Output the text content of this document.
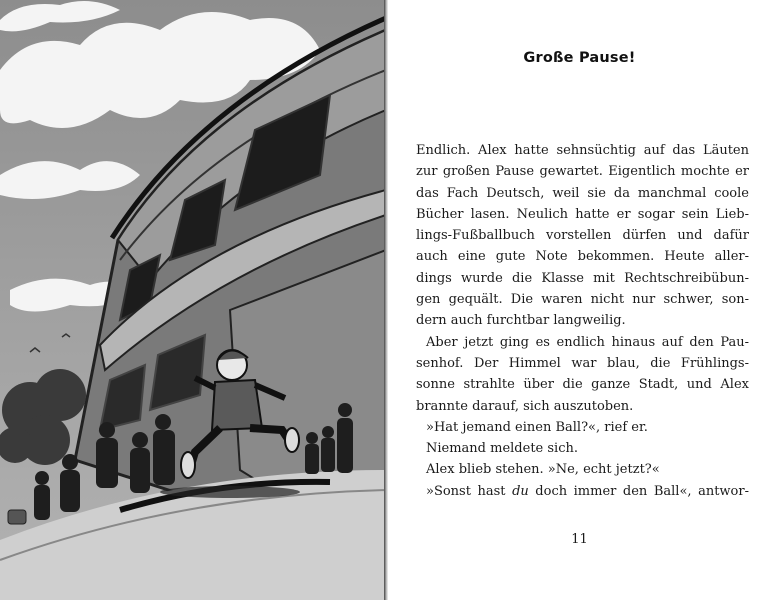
Große Pause!
Endlich. Alex hatte sehnsüchtig auf das Läuten
zur großen Pause gewartet. Eigentlich mochte er
das Fach Deutsch, weil sie da manchmal coole
Bücher lasen. Neulich hatte er sogar sein Lieb-
lings-Fußballbuch vorstellen dürfen und dafür
auch eine gute Note bekommen. Heute aller-
dings wurde die Klasse mit Rechtschreibübun-
gen gequält. Die waren nicht nur schwer, son-
dern auch furchtbar langweilig.
Aber jetzt ging es endlich hinaus auf den Pau-
senhof. Der Himmel war blau, die Frühlings-
sonne strahlte über die ganze Stadt, und Alex
brannte darauf, sich auszutoben.
»Hat jemand einen Ball?«, rief er.
Niemand meldete sich.
Alex blieb stehen. »Ne, echt jetzt?«
»Sonst hast du doch immer den Ball«, antwor-
11
